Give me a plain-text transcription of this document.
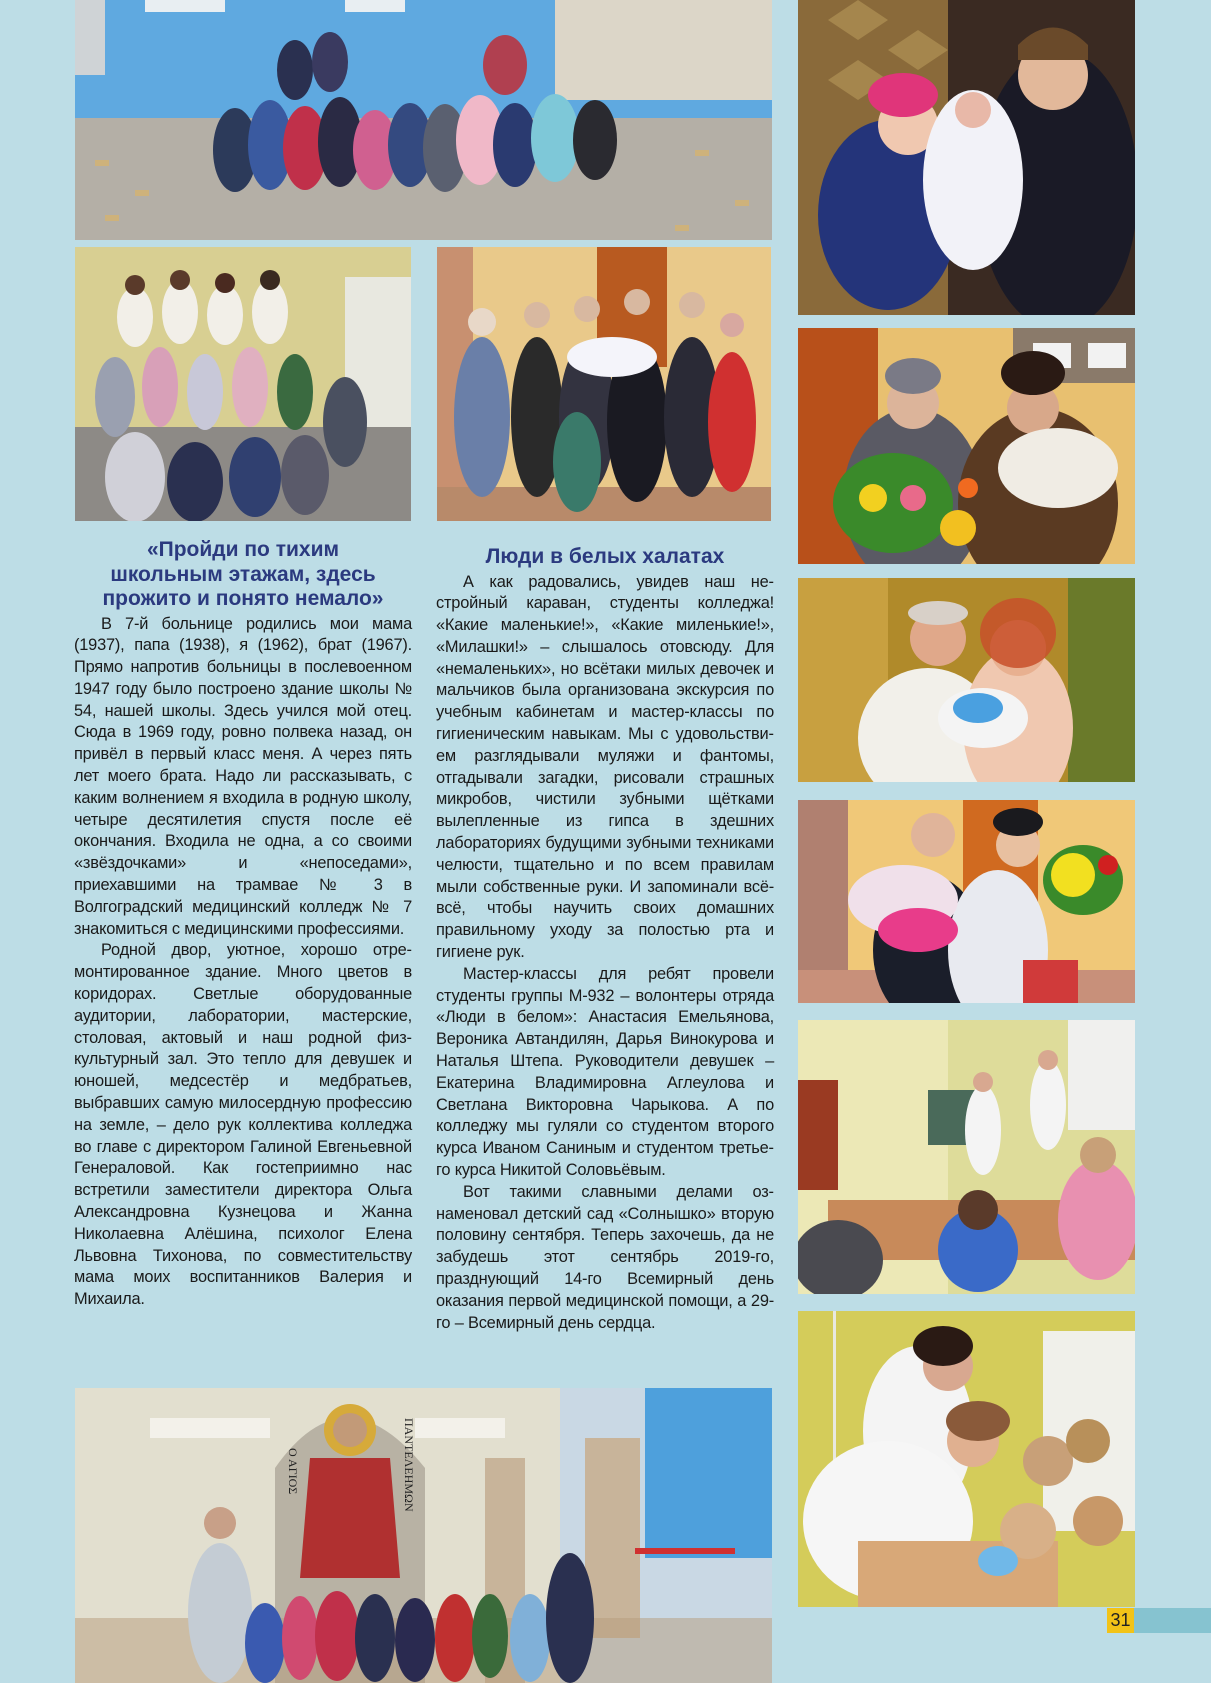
Ο ΑΓΙΟΣ	ΠΑΝΤΕΛΕΗΜΩΝ
«Пройди по тихим школьным этажам, здесь прожито и понято немало»

В 7-й больнице родились мои мама (1937), папа (1938), я (1962), брат (1967). Прямо напротив больницы в послевоенном 1947 году было построено здание школы № 54, нашей школы. Здесь учился мой отец. Сюда в 1969 году, ровно полвека назад, он привёл в первый класс меня. А через пять лет моего брата. Надо ли рассказывать, с каким волнением я входила в родную школу, четыре десятилетия спустя после её окончания. Входила не одна, а со своими «звёздочками» и «непоседами», приехавшими на трамвае № 3 в Волгоградский медицинский колледж № 7 знакомиться с медицинскими профессиями.

Родной двор, уютное, хорошо отремонтированное здание. Много цветов в коридорах. Светлые оборудованные аудитории, лаборатории, мастерские, столовая, актовый и наш родной физкультурный зал. Это тепло для девушек и юношей, медсестёр и медбратьев, выбравших самую милосердную профессию на земле, – дело рук коллектива колледжа во главе с директором Галиной Евгеньевной Генераловой. Как гостеприимно нас встретили заместители директора Ольга Александровна Кузнецова и Жанна Николаевна Алёшина, психолог Елена Львовна Тихонова, по совместительству мама моих воспитанников Валерия и Михаила.

Люди в белых халатах

А как радовались, увидев наш нестройный караван, студенты колледжа! «Какие маленькие!», «Какие миленькие!», «Милашки!» – слышалось отовсюду. Для «немаленьких», но всётаки милых девочек и мальчиков была организована экскурсия по учебным кабинетам и мастер-классы по гигиеническим навыкам. Мы с удовольствием разглядывали муляжи и фантомы, отгадывали загадки, рисовали страшных микробов, чистили зубными щётками вылепленные из гипса в здешних лабораториях будущими зубными техниками челюсти, тщательно и по всем правилам мыли собственные руки. И запоминали всё-всё, чтобы научить своих домашних правильному уходу за полостью рта и гигиене рук.

Мастер-классы для ребят провели студенты группы М-932 – волонтеры отряда «Люди в белом»: Анастасия Емельянова, Вероника Автандилян, Дарья Винокурова и Наталья Штепа. Руководители девушек – Екатерина Владимировна Аглеулова и Светлана Викторовна Чарыкова. А по колледжу мы гуляли со студентом второго курса Иваном Саниным и студентом третьего курса Никитой Соловьёвым.

Вот такими славными делами ознаменовал детский сад «Солнышко» вторую половину сентября. Теперь захочешь, да не забудешь этот сентябрь 2019-го, празднующий 14-го Всемирный день оказания первой медицинской помощи, а 29-го – Всемирный день сердца.

31
